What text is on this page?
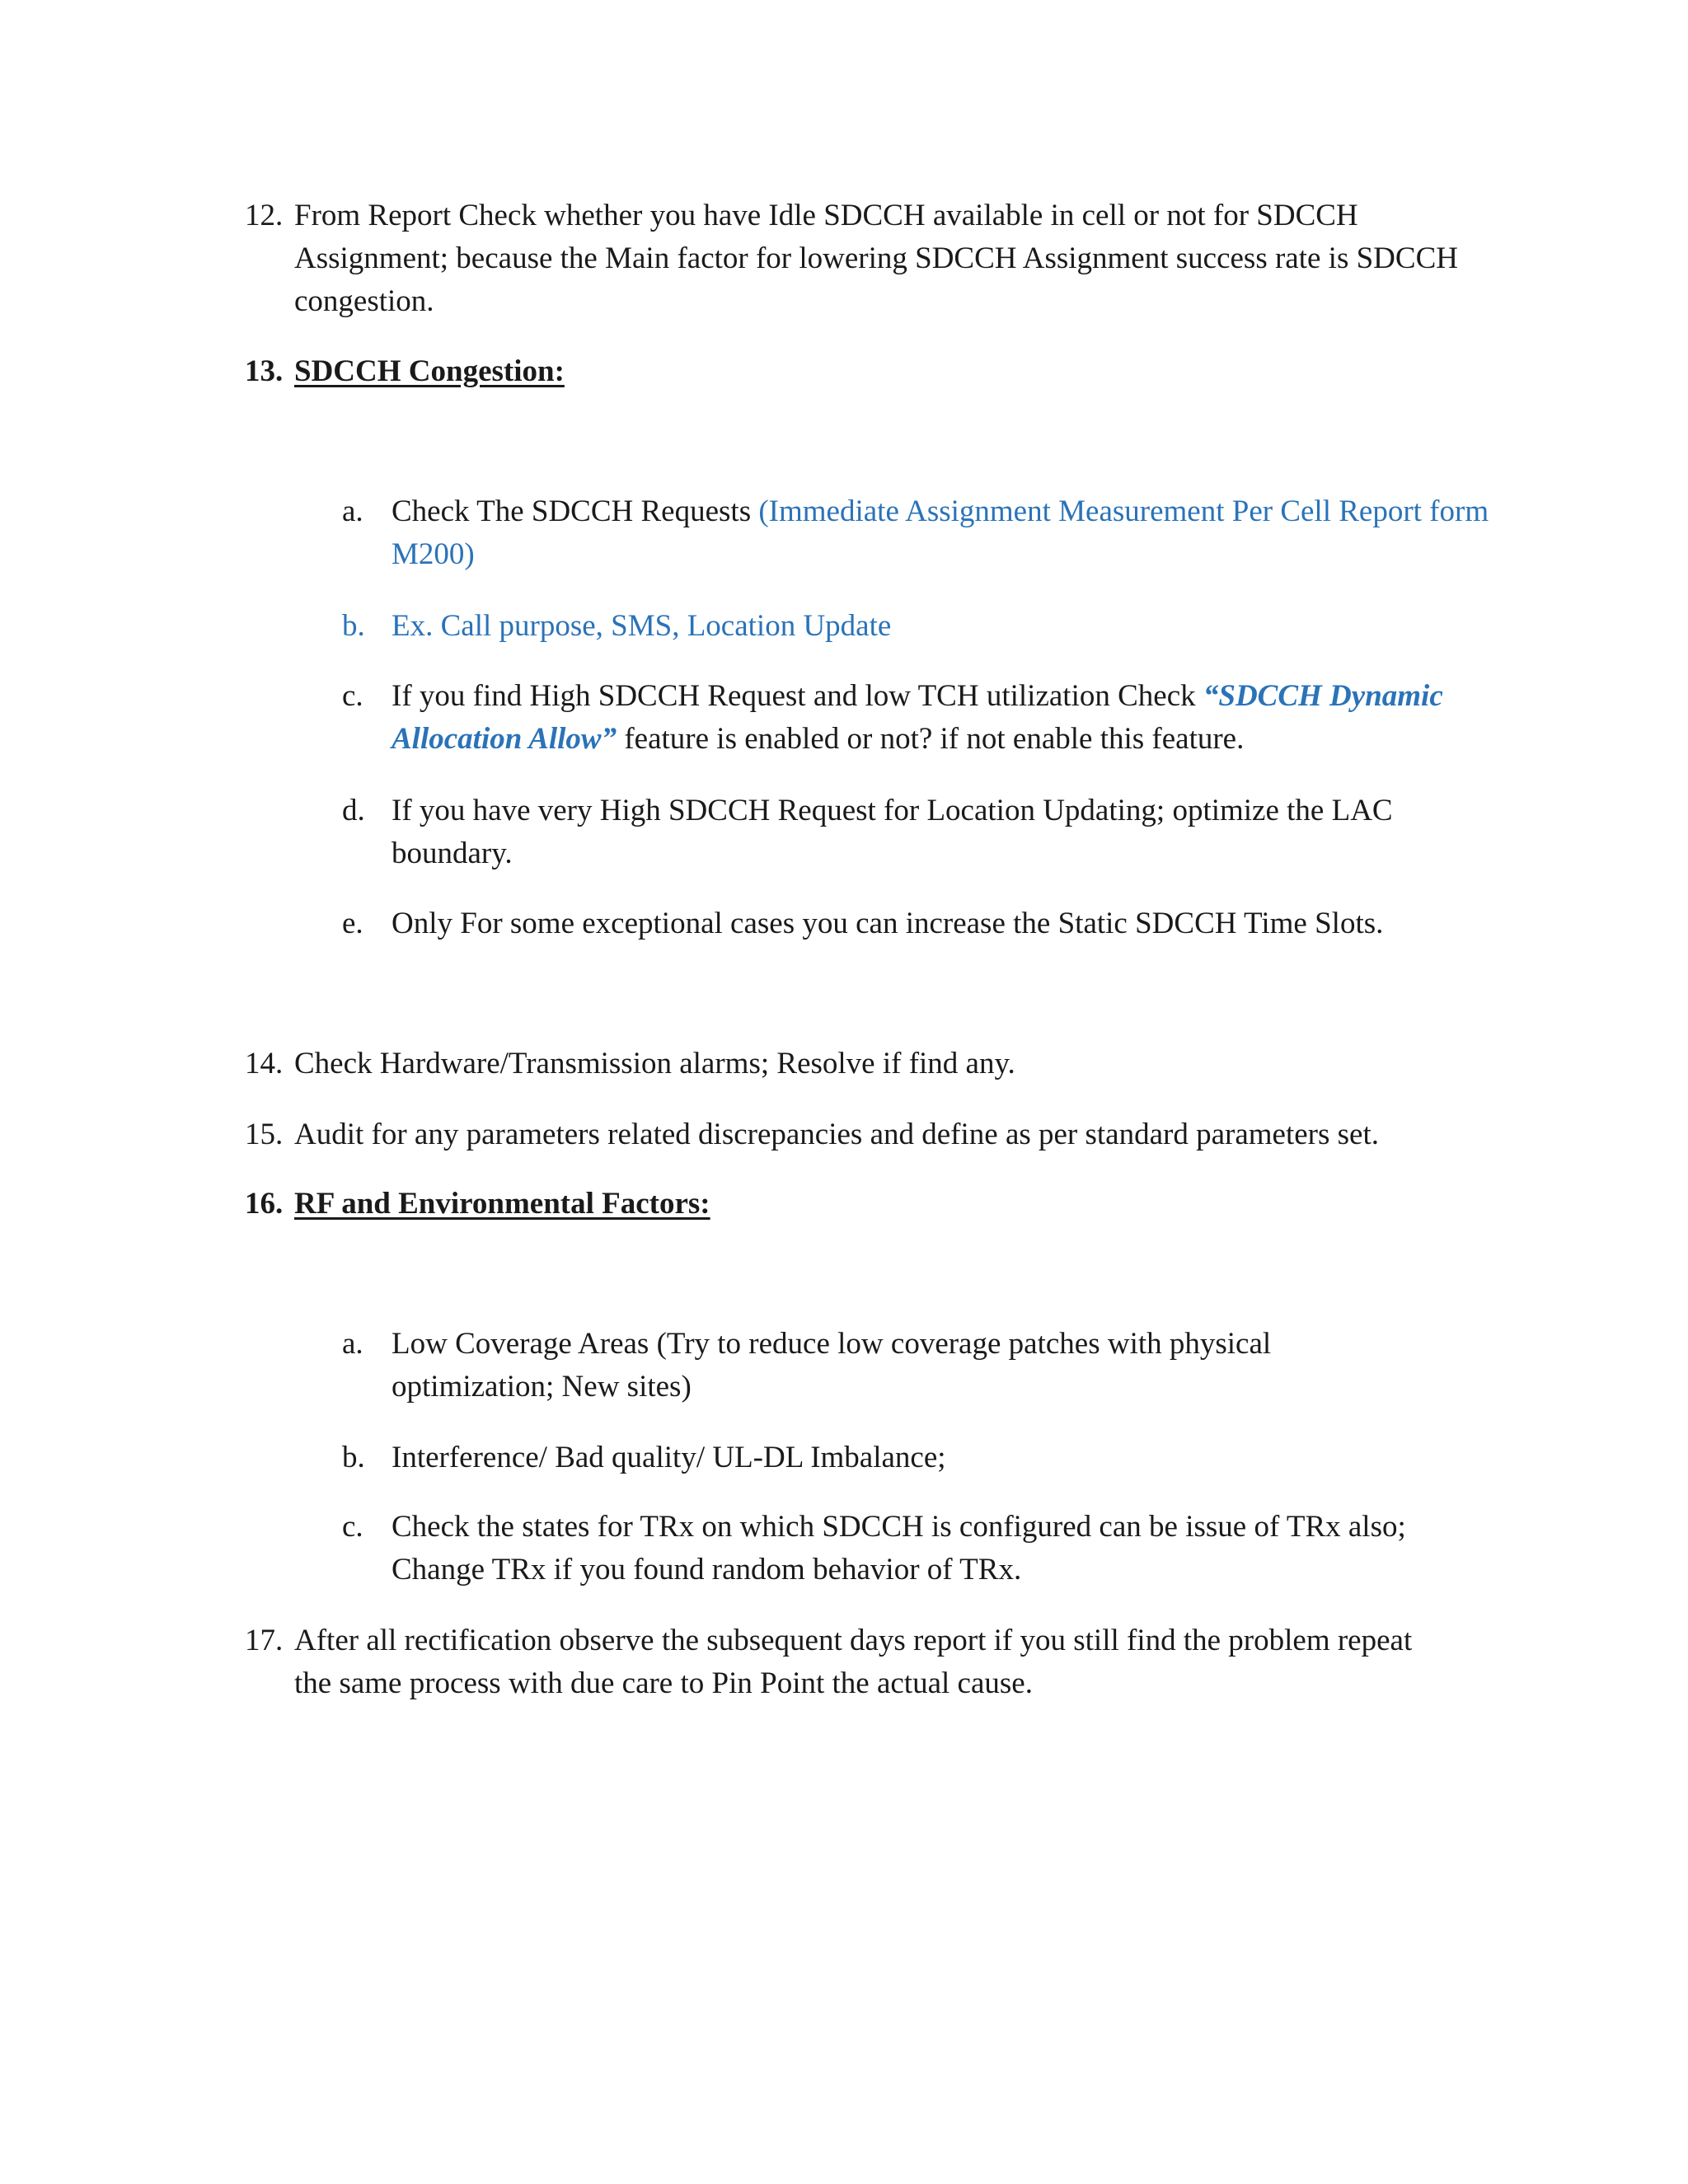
12. From Report Check whether you have Idle SDCCH available in cell or not for SDCCH Assignment; because the Main factor for lowering SDCCH Assignment success rate is SDCCH congestion.
13. SDCCH Congestion:
a. Check The SDCCH Requests (Immediate Assignment Measurement Per Cell Report form M200)
b. Ex. Call purpose, SMS, Location Update
c. If you find High SDCCH Request and low TCH utilization Check “SDCCH Dynamic Allocation Allow” feature is enabled or not? if not enable this feature.
d. If you have very High SDCCH Request for Location Updating; optimize the LAC boundary.
e. Only For some exceptional cases you can increase the Static SDCCH Time Slots.
14. Check Hardware/Transmission alarms; Resolve if find any.
15. Audit for any parameters related discrepancies and define as per standard parameters set.
16. RF and Environmental Factors:
a. Low Coverage Areas (Try to reduce low coverage patches with physical optimization; New sites)
b. Interference/ Bad quality/ UL-DL Imbalance;
c. Check the states for TRx on which SDCCH is configured can be issue of TRx also; Change TRx if you found random behavior of TRx.
17. After all rectification observe the subsequent days report if you still find the problem repeat the same process with due care to Pin Point the actual cause.
